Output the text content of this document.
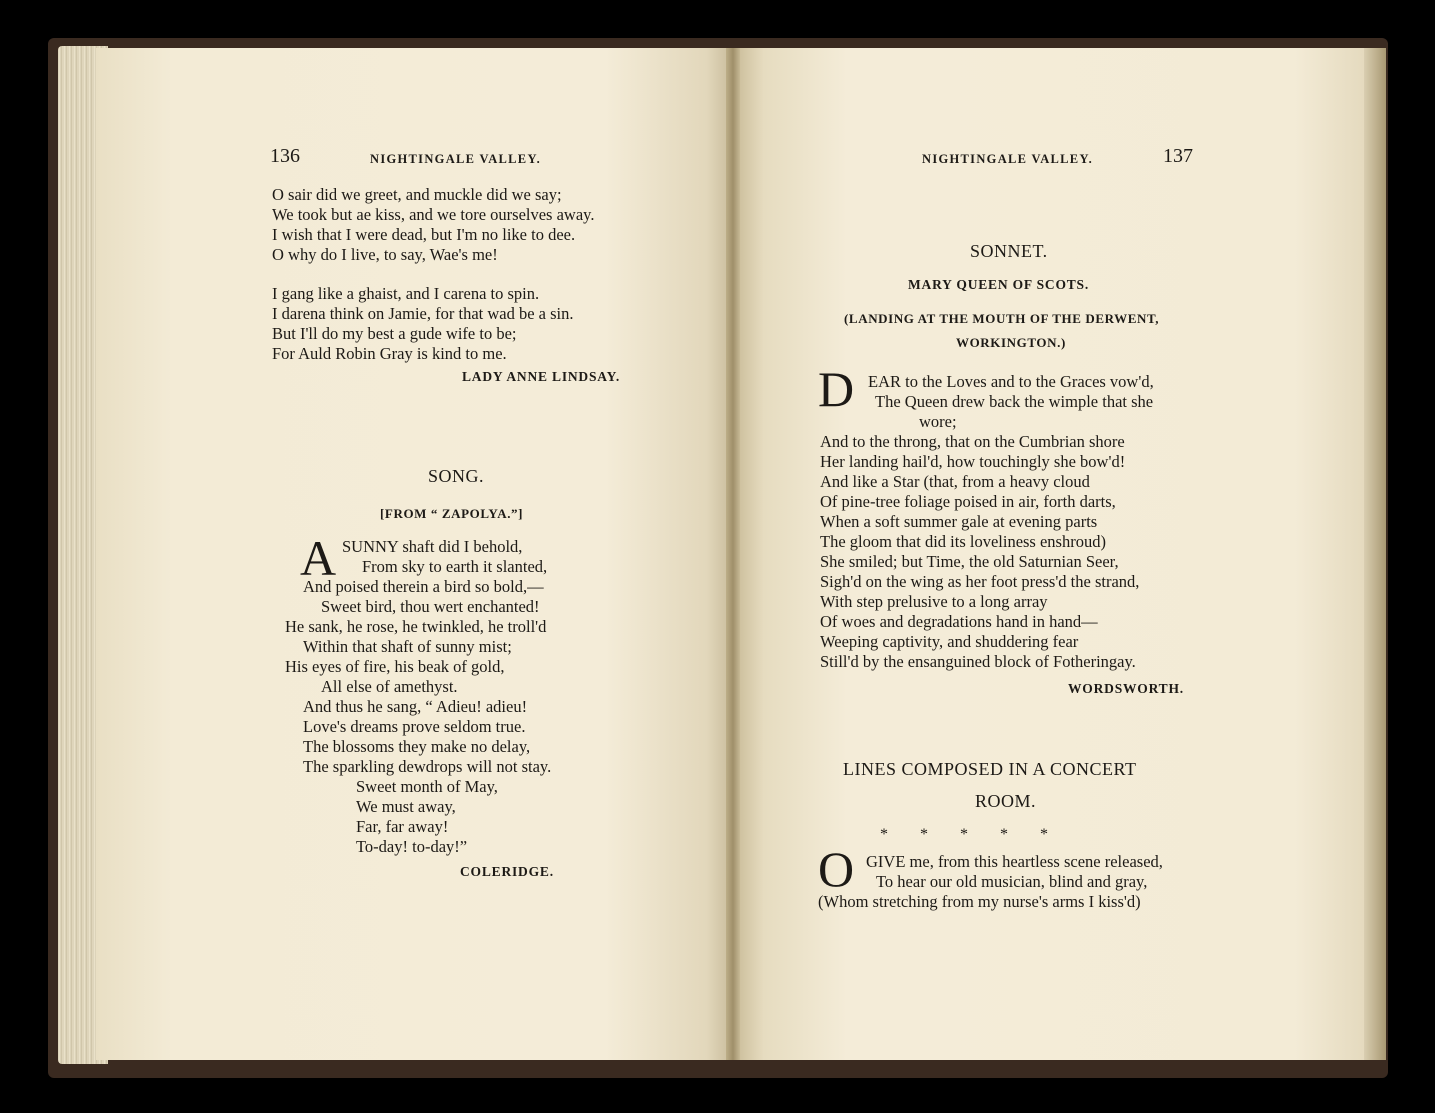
136	NIGHTINGALE VALLEY.
O sair did we greet, and muckle did we say;
We took but ae kiss, and we tore ourselves away.
I wish that I were dead, but I'm no like to dee.
O why do I live, to say, Wae's me!
I gang like a ghaist, and I carena to spin.
I darena think on Jamie, for that wad be a sin.
But I'll do my best a gude wife to be;
For Auld Robin Gray is kind to me.
LADY ANNE LINDSAY.
SONG.
[FROM “ ZAPOLYA.”]
A SUNNY shaft did I behold,
From sky to earth it slanted,
And poised therein a bird so bold,—
Sweet bird, thou wert enchanted!
He sank, he rose, he twinkled, he troll'd
Within that shaft of sunny mist;
His eyes of fire, his beak of gold,
All else of amethyst.
And thus he sang, “ Adieu! adieu!
Love's dreams prove seldom true.
The blossoms they make no delay,
The sparkling dewdrops will not stay.
Sweet month of May,
We must away,
Far, far away!
To-day! to-day!”
COLERIDGE.
NIGHTINGALE VALLEY.	137
SONNET.
MARY QUEEN OF SCOTS.
(LANDING AT THE MOUTH OF THE DERWENT,
WORKINGTON.)
D EAR to the Loves and to the Graces vow'd,
The Queen drew back the wimple that she
wore;
And to the throng, that on the Cumbrian shore
Her landing hail'd, how touchingly she bow'd!
And like a Star (that, from a heavy cloud
Of pine-tree foliage poised in air, forth darts,
When a soft summer gale at evening parts
The gloom that did its loveliness enshroud)
She smiled; but Time, the old Saturnian Seer,
Sigh'd on the wing as her foot press'd the strand,
With step prelusive to a long array
Of woes and degradations hand in hand—
Weeping captivity, and shuddering fear
Still'd by the ensanguined block of Fotheringay.
WORDSWORTH.
LINES COMPOSED IN A CONCERT
ROOM.
*        *        *        *        *
O GIVE me, from this heartless scene released,
To hear our old musician, blind and gray,
(Whom stretching from my nurse's arms I kiss'd)
